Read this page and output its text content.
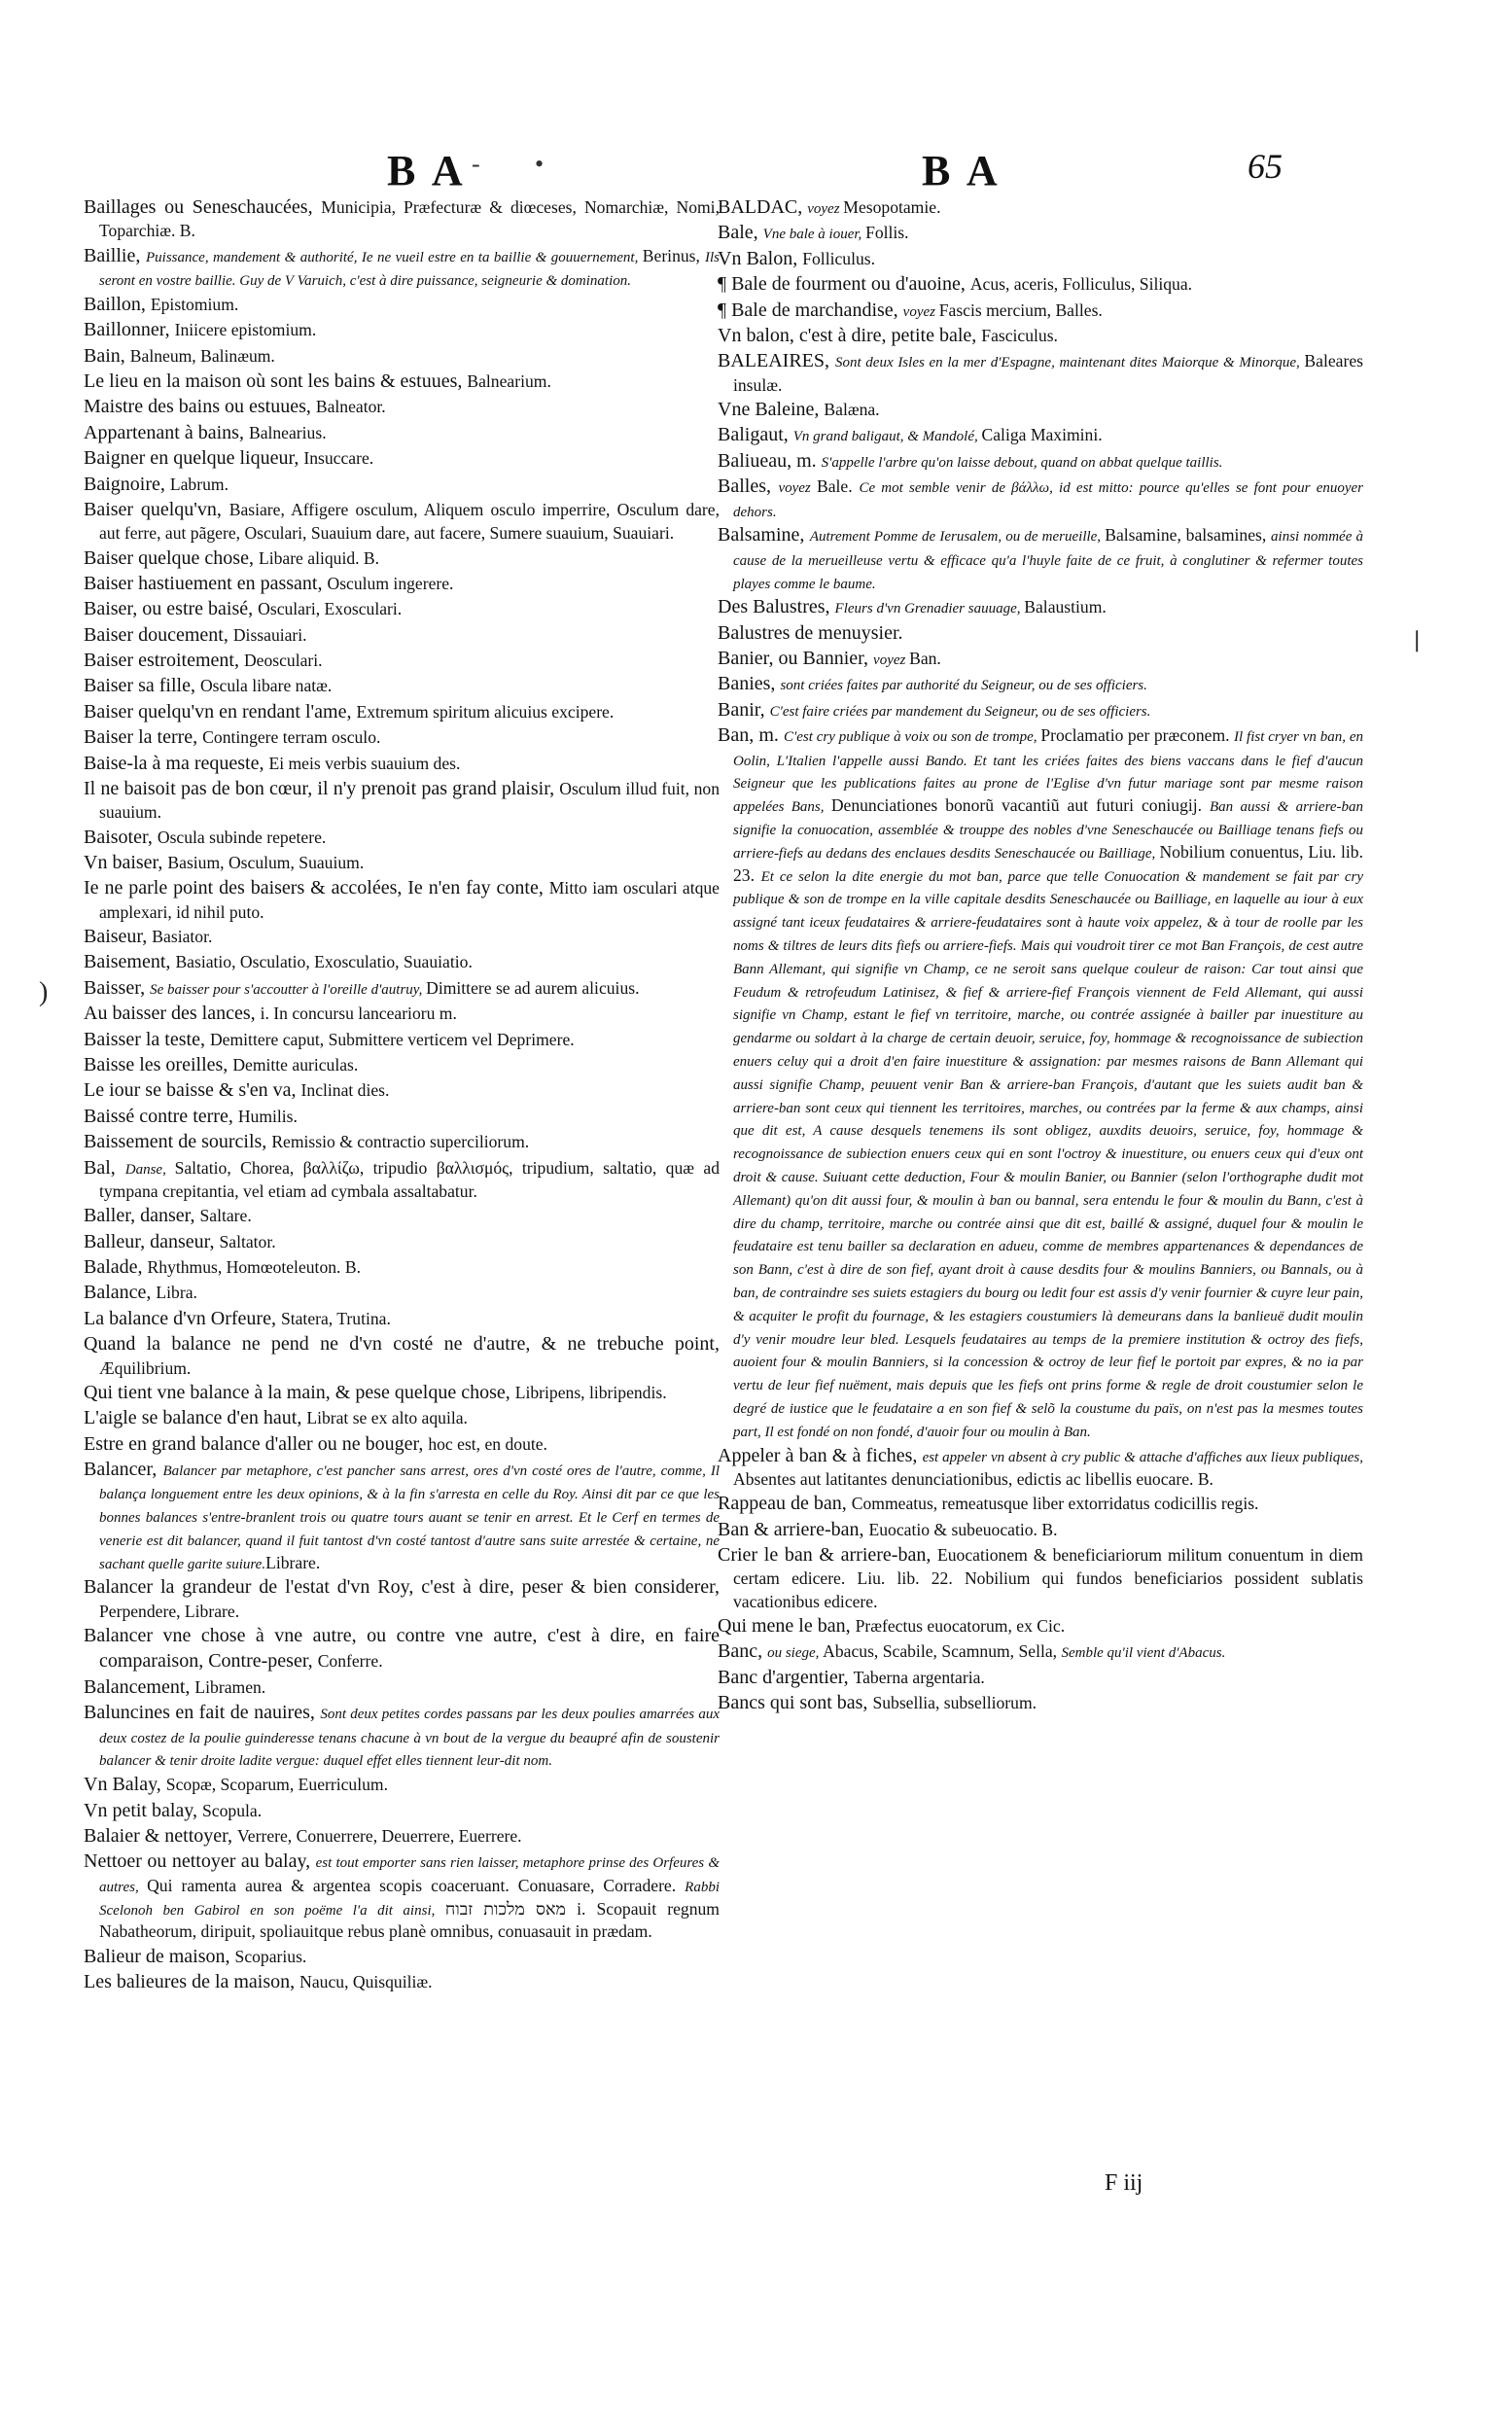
B A - •	B A	65
Baillages ou Seneschaucées, Municipia, Præfecturæ & diœceses, Nomarchiæ, Nomi, Toparchiæ. B.
Baillie, Puissance, mandement & authorité, Ie ne vueil estre en ta baillie & gouuernement, Berinus, Ils seront en vostre baillie. Guy de V Varuich, c'est à dire puissance, seigneurie & domination.
Baillon, Epistomium.
Baillonner, Iniicere epistomium.
Bain, Balneum, Balinæum.
Le lieu en la maison où sont les bains & estuues, Balnearium.
Maistre des bains ou estuues, Balneator.
Appartenant à bains, Balnearius.
Baigner en quelque liqueur, Insuccare.
Baignoire, Labrum.
Baiser quelqu'vn, Basiare, Affigere osculum, Aliquem osculo imperrire, Osculum dare, aut ferre, aut pãgere, Osculari, Suauium dare, aut facere, Sumere suauium, Suauiari.
Baiser quelque chose, Libare aliquid. B.
Baiser hastiuement en passant, Osculum ingerere.
Baiser, ou estre baisé, Osculari, Exosculari.
Baiser doucement, Dissauiari.
Baiser estroitement, Deosculari.
Baiser sa fille, Oscula libare natæ.
Baiser quelqu'vn en rendant l'ame, Extremum spiritum alicuius excipere.
Baiser la terre, Contingere terram osculo.
Baise-la à ma requeste, Ei meis verbis suauium des.
Il ne baisoit pas de bon cœur, il n'y prenoit pas grand plaisir, Osculum illud fuit, non suauium.
Baisoter, Oscula subinde repetere.
Vn baiser, Basium, Osculum, Suauium.
Ie ne parle point des baisers & accolées, Ie n'en fay conte, Mitto iam osculari atque amplexari, id nihil puto.
Baiseur, Basiator.
Baisement, Basiatio, Osculatio, Exosculatio, Suauiatio.
Baisser, Se baisser pour s'accoutter à l'oreille d'autruy, Dimittere se ad aurem alicuius.
Au baisser des lances, i. In concursu lancearioru m.
Baisser la teste, Demittere caput, Submittere verticem vel Deprimere.
Baisse les oreilles, Demitte auriculas.
Le iour se baisse & s'en va, Inclinat dies.
Baissé contre terre, Humilis.
Baissement de sourcils, Remissio & contractio superciliorum.
Bal, Danse, Saltatio, Chorea, βαλλίζω, tripudio βαλλισμός, tripudium, saltatio, quæ ad tympana crepitantia, vel etiam ad cymbala assaltabatur.
Baller, danser, Saltare.
Balleur, danseur, Saltator.
Balade, Rhythmus, Homœoteleuton. B.
Balance, Libra.
La balance d'vn Orfeure, Statera, Trutina.
Quand la balance ne pend ne d'vn costé ne d'autre, & ne trebuche point, Æquilibrium.
Qui tient vne balance à la main, & pese quelque chose, Libripens, libripendis.
L'aigle se balance d'en haut, Librat se ex alto aquila.
Estre en grand balance d'aller ou ne bouger, hoc est, en doute.
Balancer, Balancer par metaphore, c'est pancher sans arrest, ores d'vn costé ores de l'autre, comme, Il balança longuement entre les deux opinions, & à la fin s'arresta en celle du Roy. Ainsi dit par ce que les bonnes balances s'entre-branlent trois ou quatre tours auant se tenir en arrest. Et le Cerf en termes de venerie est dit balancer, quand il fuit tantost d'vn costé tantost d'autre sans suite arrestée & certaine, ne sachant quelle garite suiure.Librare.
Balancer la grandeur de l'estat d'vn Roy, c'est à dire, peser & bien considerer, Perpendere, Librare.
Balancer vne chose à vne autre, ou contre vne autre, c'est à dire, en faire comparaison, Contre-peser, Conferre.
Balancement, Libramen.
Baluncines en fait de nauires, Sont deux petites cordes passans par les deux poulies amarrées aux deux costez de la poulie guinderesse tenans chacune à vn bout de la vergue du beaupré afin de soustenir balancer & tenir droite ladite vergue: duquel effet elles tiennent leur-dit nom.
Vn Balay, Scopæ, Scoparum, Euerriculum.
Vn petit balay, Scopula.
Balaier & nettoyer, Verrere, Conuerrere, Deuerrere, Euerrere.
Nettoer ou nettoyer au balay, est tout emporter sans rien laisser, metaphore prinse des Orfeures & autres, Qui ramenta aurea & argentea scopis coaceruant. Conuasare, Corradere. Rabbi Scelonoh ben Gabirol en son poëme l'a dit ainsi, מאס מלכות זבוח i. Scopauit regnum Nabatheorum, diripuit, spoliauitque rebus planè omnibus, conuasauit in prædam.
Balieur de maison, Scoparius.
Les balieures de la maison, Naucu, Quisquiliæ.
BALDAC, voyez Mesopotamie.
Bale, Vne bale à iouer, Follis.
Vn Balon, Folliculus.
¶ Bale de fourment ou d'auoine, Acus, aceris, Folliculus, Siliqua.
¶ Bale de marchandise, voyez Fascis mercium, Balles.
Vn balon, c'est à dire, petite bale, Fasciculus.
BALEAIRES, Sont deux Isles en la mer d'Espagne, maintenant dites Maiorque & Minorque, Baleares insulæ.
Vne Baleine, Balæna.
Baligaut, Vn grand baligaut, & Mandolé, Caliga Maximini.
Baliueau, m. S'appelle l'arbre qu'on laisse debout, quand on abbat quelque taillis.
Balles, voyez Bale. Ce mot semble venir de βάλλω, id est mitto: pource qu'elles se font pour enuoyer dehors.
Balsamine, Autrement Pomme de Ierusalem, ou de merueille, Balsamine, balsamines, ainsi nommée à cause de la merueilleuse vertu & efficace qu'a l'huyle faite de ce fruit, à conglutiner & refermer toutes playes comme le baume.
Des Balustres, Fleurs d'vn Grenadier sauuage, Balaustium.
Balustres de menuysier.
Banier, ou Bannier, voyez Ban.
Banies, sont criées faites par authorité du Seigneur, ou de ses officiers.
Banir, C'est faire criées par mandement du Seigneur, ou de ses officiers.
Ban, m. C'est cry publique à voix ou son de trompe, Proclamatio per præconem. Il fist cryer vn ban, en Oolin, L'Italien l'appelle aussi Bando. Et tant les criées faites des biens vaccans dans le fief d'aucun Seigneur que les publications faites au prone de l'Eglise d'vn futur mariage sont par mesme raison appelées Bans, Denunciationes bonorũ vacantiũ aut futuri coniugij. Ban aussi & arriere-ban signifie la conuocation, assemblée & trouppe des nobles d'vne Seneschaucée ou Bailliage tenans fiefs ou arriere-fiefs au dedans des enclaues desdits Seneschaucée ou Bailliage, Nobilium conuentus, Liu. lib. 23. Et ce selon la dite energie du mot ban, parce que telle Conuocation & mandement se fait par cry publique & son de trompe en la ville capitale desdits Seneschaucée ou Bailliage, en laquelle au iour à eux assigné tant iceux feudataires & arriere-feudataires sont à haute voix appelez, & à tour de roolle par les noms & tiltres de leurs dits fiefs ou arriere-fiefs. Mais qui voudroit tirer ce mot Ban François, de cest autre Bann Allemant, qui signifie vn Champ, ce ne seroit sans quelque couleur de raison: Car tout ainsi que Feudum & retrofeudum Latinisez, & fief & arriere-fief François viennent de Feld Allemant, qui aussi signifie vn Champ, estant le fief vn territoire, marche, ou contrée assignée à bailler par inuestiture au gendarme ou soldart à la charge de certain deuoir, seruice, foy, hommage & recognoissance de subiection enuers celuy qui a droit d'en faire inuestiture & assignation: par mesmes raisons de Bann Allemant qui aussi signifie Champ, peuuent venir Ban & arriere-ban François, d'autant que les suiets audit ban & arriere-ban sont ceux qui tiennent les territoires, marches, ou contrées par la ferme & aux champs, ainsi que dit est, A cause desquels tenemens ils sont obligez, auxdits deuoirs, seruice, foy, hommage & recognoissance de subiection enuers ceux qui en sont l'octroy & inuestiture, ou enuers ceux qui d'eux ont droit & cause. Suiuant cette deduction, Four & moulin Banier, ou Bannier (selon l'orthographe dudit mot Allemant) qu'on dit aussi four, & moulin à ban ou bannal, sera entendu le four & moulin du Bann, c'est à dire du champ, territoire, marche ou contrée ainsi que dit est, baillé & assigné, duquel four & moulin le feudataire est tenu bailler sa declaration en adueu, comme de membres appartenances & dependances de son Bann, c'est à dire de son fief, ayant droit à cause desdits four & moulins Banniers, ou Bannals, ou à ban, de contraindre ses suiets estagiers du bourg ou ledit four est assis d'y venir fournier & cuyre leur pain, & acquiter le profit du fournage, & les estagiers coustumiers là demeurans dans la banlieuë dudit moulin d'y venir moudre leur bled. Lesquels feudataires au temps de la premiere institution & octroy des fiefs, auoient four & moulin Banniers, si la concession & octroy de leur fief le portoit par expres, & no ia par vertu de leur fief nuëment, mais depuis que les fiefs ont prins forme & regle de droit coustumier selon le degré de iustice que le feudataire a en son fief & selõ la coustume du païs, on n'est pas la mesmes toutes part, Il est fondé on non fondé, d'auoir four ou moulin à Ban.
Appeler à ban & à fiches, est appeler vn absent à cry public & attache d'affiches aux lieux publiques, Absentes aut latitantes denunciationibus, edictis ac libellis euocare. B.
Rappeau de ban, Commeatus, remeatusque liber extorridatus codicillis regis.
Ban & arriere-ban, Euocatio & subeuocatio. B.
Crier le ban & arriere-ban, Euocationem & beneficiariorum militum conuentum in diem certam edicere. Liu. lib. 22. Nobilium qui fundos beneficiarios possident sublatis vacationibus edicere.
Qui mene le ban, Præfectus euocatorum, ex Cic.
Banc, ou siege, Abacus, Scabile, Scamnum, Sella, Semble qu'il vient d'Abacus.
Banc d'argentier, Taberna argentaria.
Bancs qui sont bas, Subsellia, subselliorum.
F iij
)
❘
